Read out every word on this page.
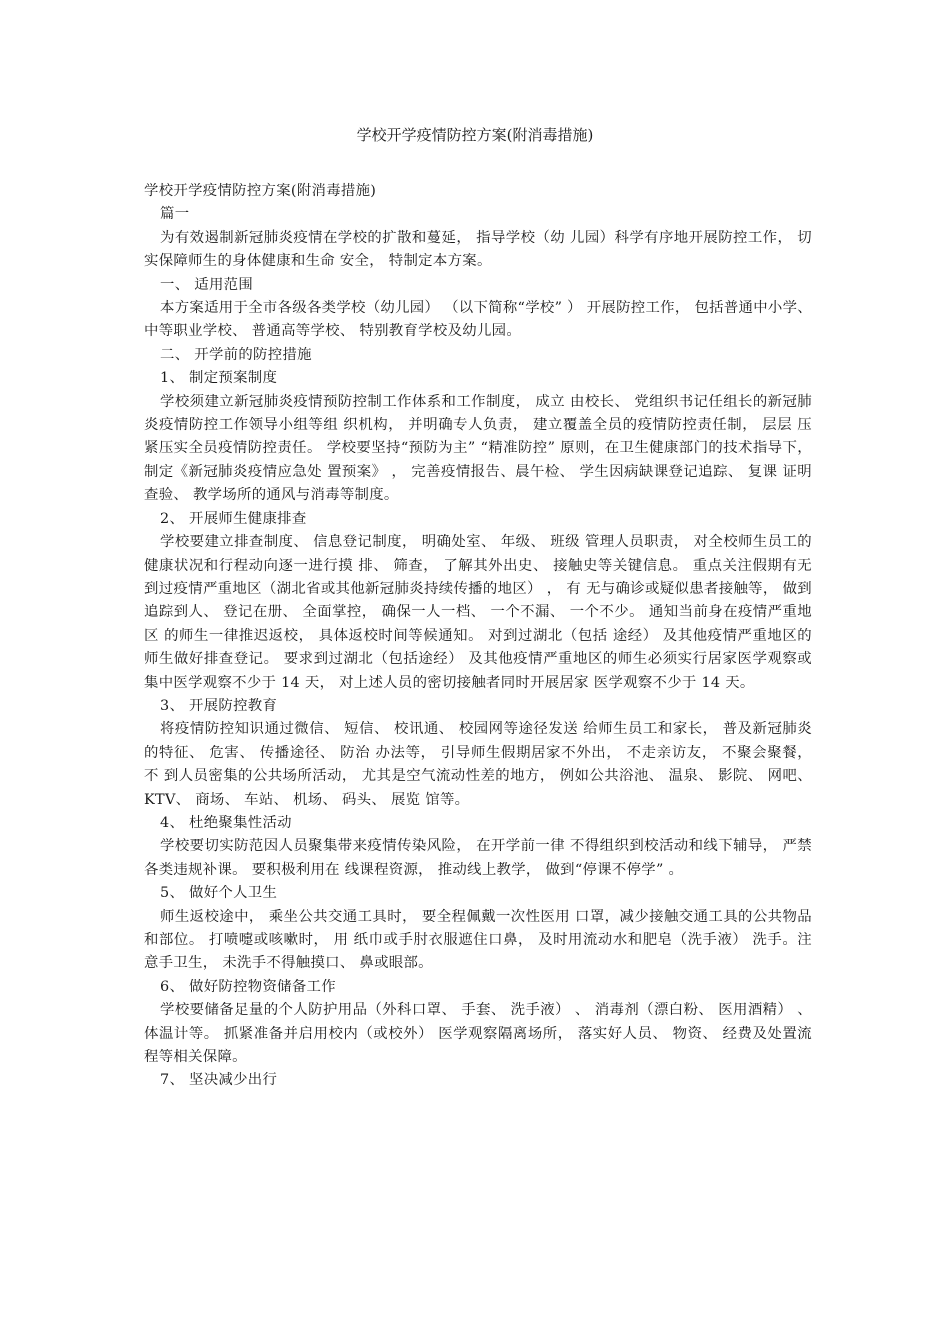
学校开学疫情防控方案(附消毒措施)

学校开学疫情防控方案(附消毒措施)

篇一

为有效遏制新冠肺炎疫情在学校的扩散和蔓延， 指导学校（幼 儿园）科学有序地开展防控工作， 切实保障师生的身体健康和生命 安全， 特制定本方案。

一、 适用范围

本方案适用于全市各级各类学校（幼儿园） （以下简称“学校” ） 开展防控工作， 包括普通中小学、 中等职业学校、 普通高等学校、 特别教育学校及幼儿园。

二、 开学前的防控措施

1、 制定预案制度

学校须建立新冠肺炎疫情预防控制工作体系和工作制度， 成立 由校长、 党组织书记任组长的新冠肺炎疫情防控工作领导小组等组 织机构， 并明确专人负责， 建立覆盖全员的疫情防控责任制， 层层 压紧压实全员疫情防控责任。 学校要坚持“预防为主” “精准防控” 原则，在卫生健康部门的技术指导下， 制定《新冠肺炎疫情应急处 置预案》 ， 完善疫情报告、晨午检、 学生因病缺课登记追踪、 复课 证明查验、 教学场所的通风与消毒等制度。

2、 开展师生健康排查

学校要建立排查制度、 信息登记制度， 明确处室、 年级、 班级 管理人员职责， 对全校师生员工的健康状况和行程动向逐一进行摸 排、 筛查， 了解其外出史、 接触史等关键信息。 重点关注假期有无 到过疫情严重地区（湖北省或其他新冠肺炎持续传播的地区） ， 有 无与确诊或疑似患者接触等， 做到追踪到人、 登记在册、 全面掌控， 确保一人一档、 一个不漏、 一个不少。 通知当前身在疫情严重地区 的师生一律推迟返校， 具体返校时间等候通知。 对到过湖北（包括 途经） 及其他疫情严重地区的师生做好排查登记。 要求到过湖北（包括途经） 及其他疫情严重地区的师生必须实行居家医学观察或 集中医学观察不少于 14 天， 对上述人员的密切接触者同时开展居家 医学观察不少于 14 天。

3、 开展防控教育

将疫情防控知识通过微信、 短信、 校讯通、 校园网等途径发送 给师生员工和家长， 普及新冠肺炎的特征、 危害、 传播途径、 防治 办法等， 引导师生假期居家不外出， 不走亲访友， 不聚会聚餐， 不 到人员密集的公共场所活动， 尤其是空气流动性差的地方， 例如公共浴池、 温泉、 影院、 网吧、KTV、 商场、 车站、 机场、 码头、 展览 馆等。

4、 杜绝聚集性活动

学校要切实防范因人员聚集带来疫情传染风险， 在开学前一律 不得组织到校活动和线下辅导， 严禁各类违规补课。 要积极利用在 线课程资源， 推动线上教学， 做到“停课不停学” 。

5、 做好个人卫生

师生返校途中， 乘坐公共交通工具时， 要全程佩戴一次性医用 口罩，减少接触交通工具的公共物品和部位。 打喷嚏或咳嗽时， 用 纸巾或手肘衣服遮住口鼻， 及时用流动水和肥皂（洗手液） 洗手。注意手卫生， 未洗手不得触摸口、 鼻或眼部。

6、 做好防控物资储备工作

学校要储备足量的个人防护用品（外科口罩、 手套、 洗手液） 、 消毒剂（漂白粉、 医用酒精） 、 体温计等。 抓紧准备并启用校内（或校外） 医学观察隔离场所， 落实好人员、 物资、 经费及处置流 程等相关保障。

7、 坚决减少出行
